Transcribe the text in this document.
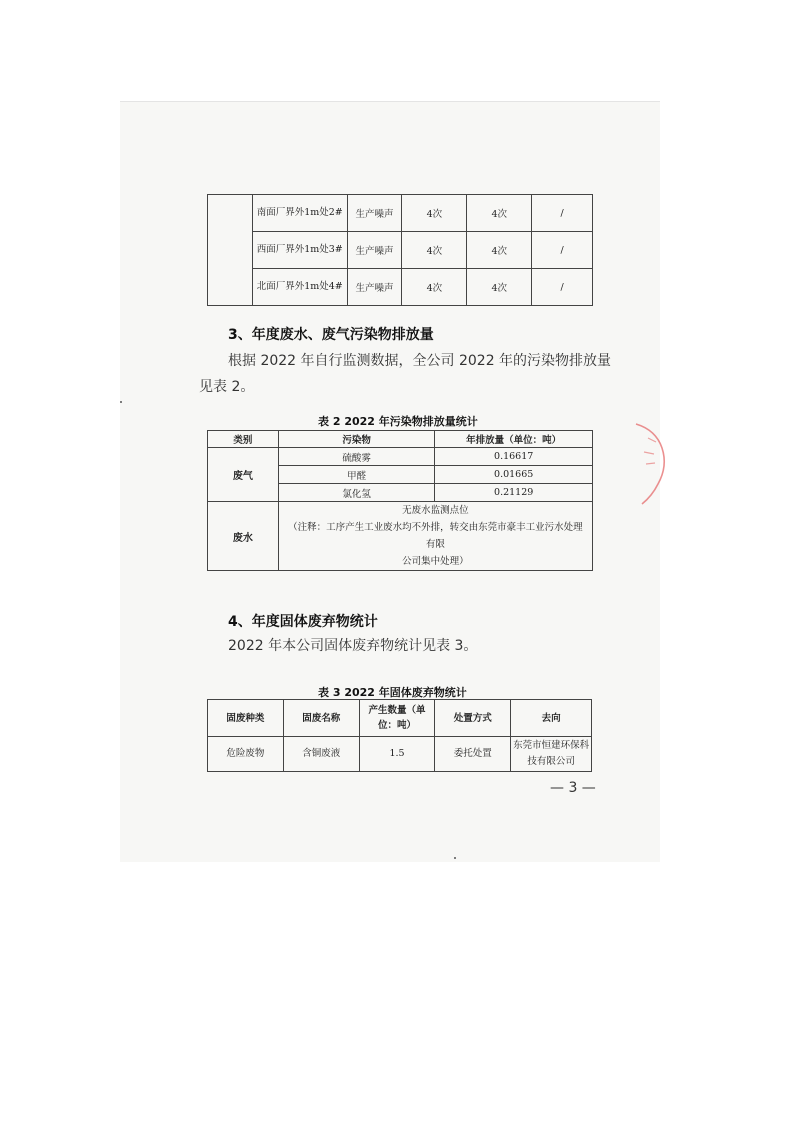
	南面厂界外1m处2#	生产噪声	4次	4次	/
	西面厂界外1m处3#	生产噪声	4次	4次	/
	北面厂界外1m处4#	生产噪声	4次	4次	/
3、年度废水、废气污染物排放量
根据 2022 年自行监测数据，全公司 2022 年的污染物排放量
见表 2。
表 2 2022 年污染物排放量统计
类别	污染物	年排放量（单位：吨）
废气	硫酸雾	0.16617
	甲醛	0.01665
	氯化氢	0.21129
废水	无废水监测点位
（注释：工序产生工业废水均不外排，转交由东莞市豪丰工业污水处理有限
公司集中处理）	
4、年度固体废弃物统计
2022 年本公司固体废弃物统计见表 3。
表 3 2022 年固体废弃物统计
固废种类	固废名称	产生数量（单位：吨）	处置方式	去向
危险废物	含铜废液	1.5	委托处置	东莞市恒建环保科技有限公司
— 3 —
